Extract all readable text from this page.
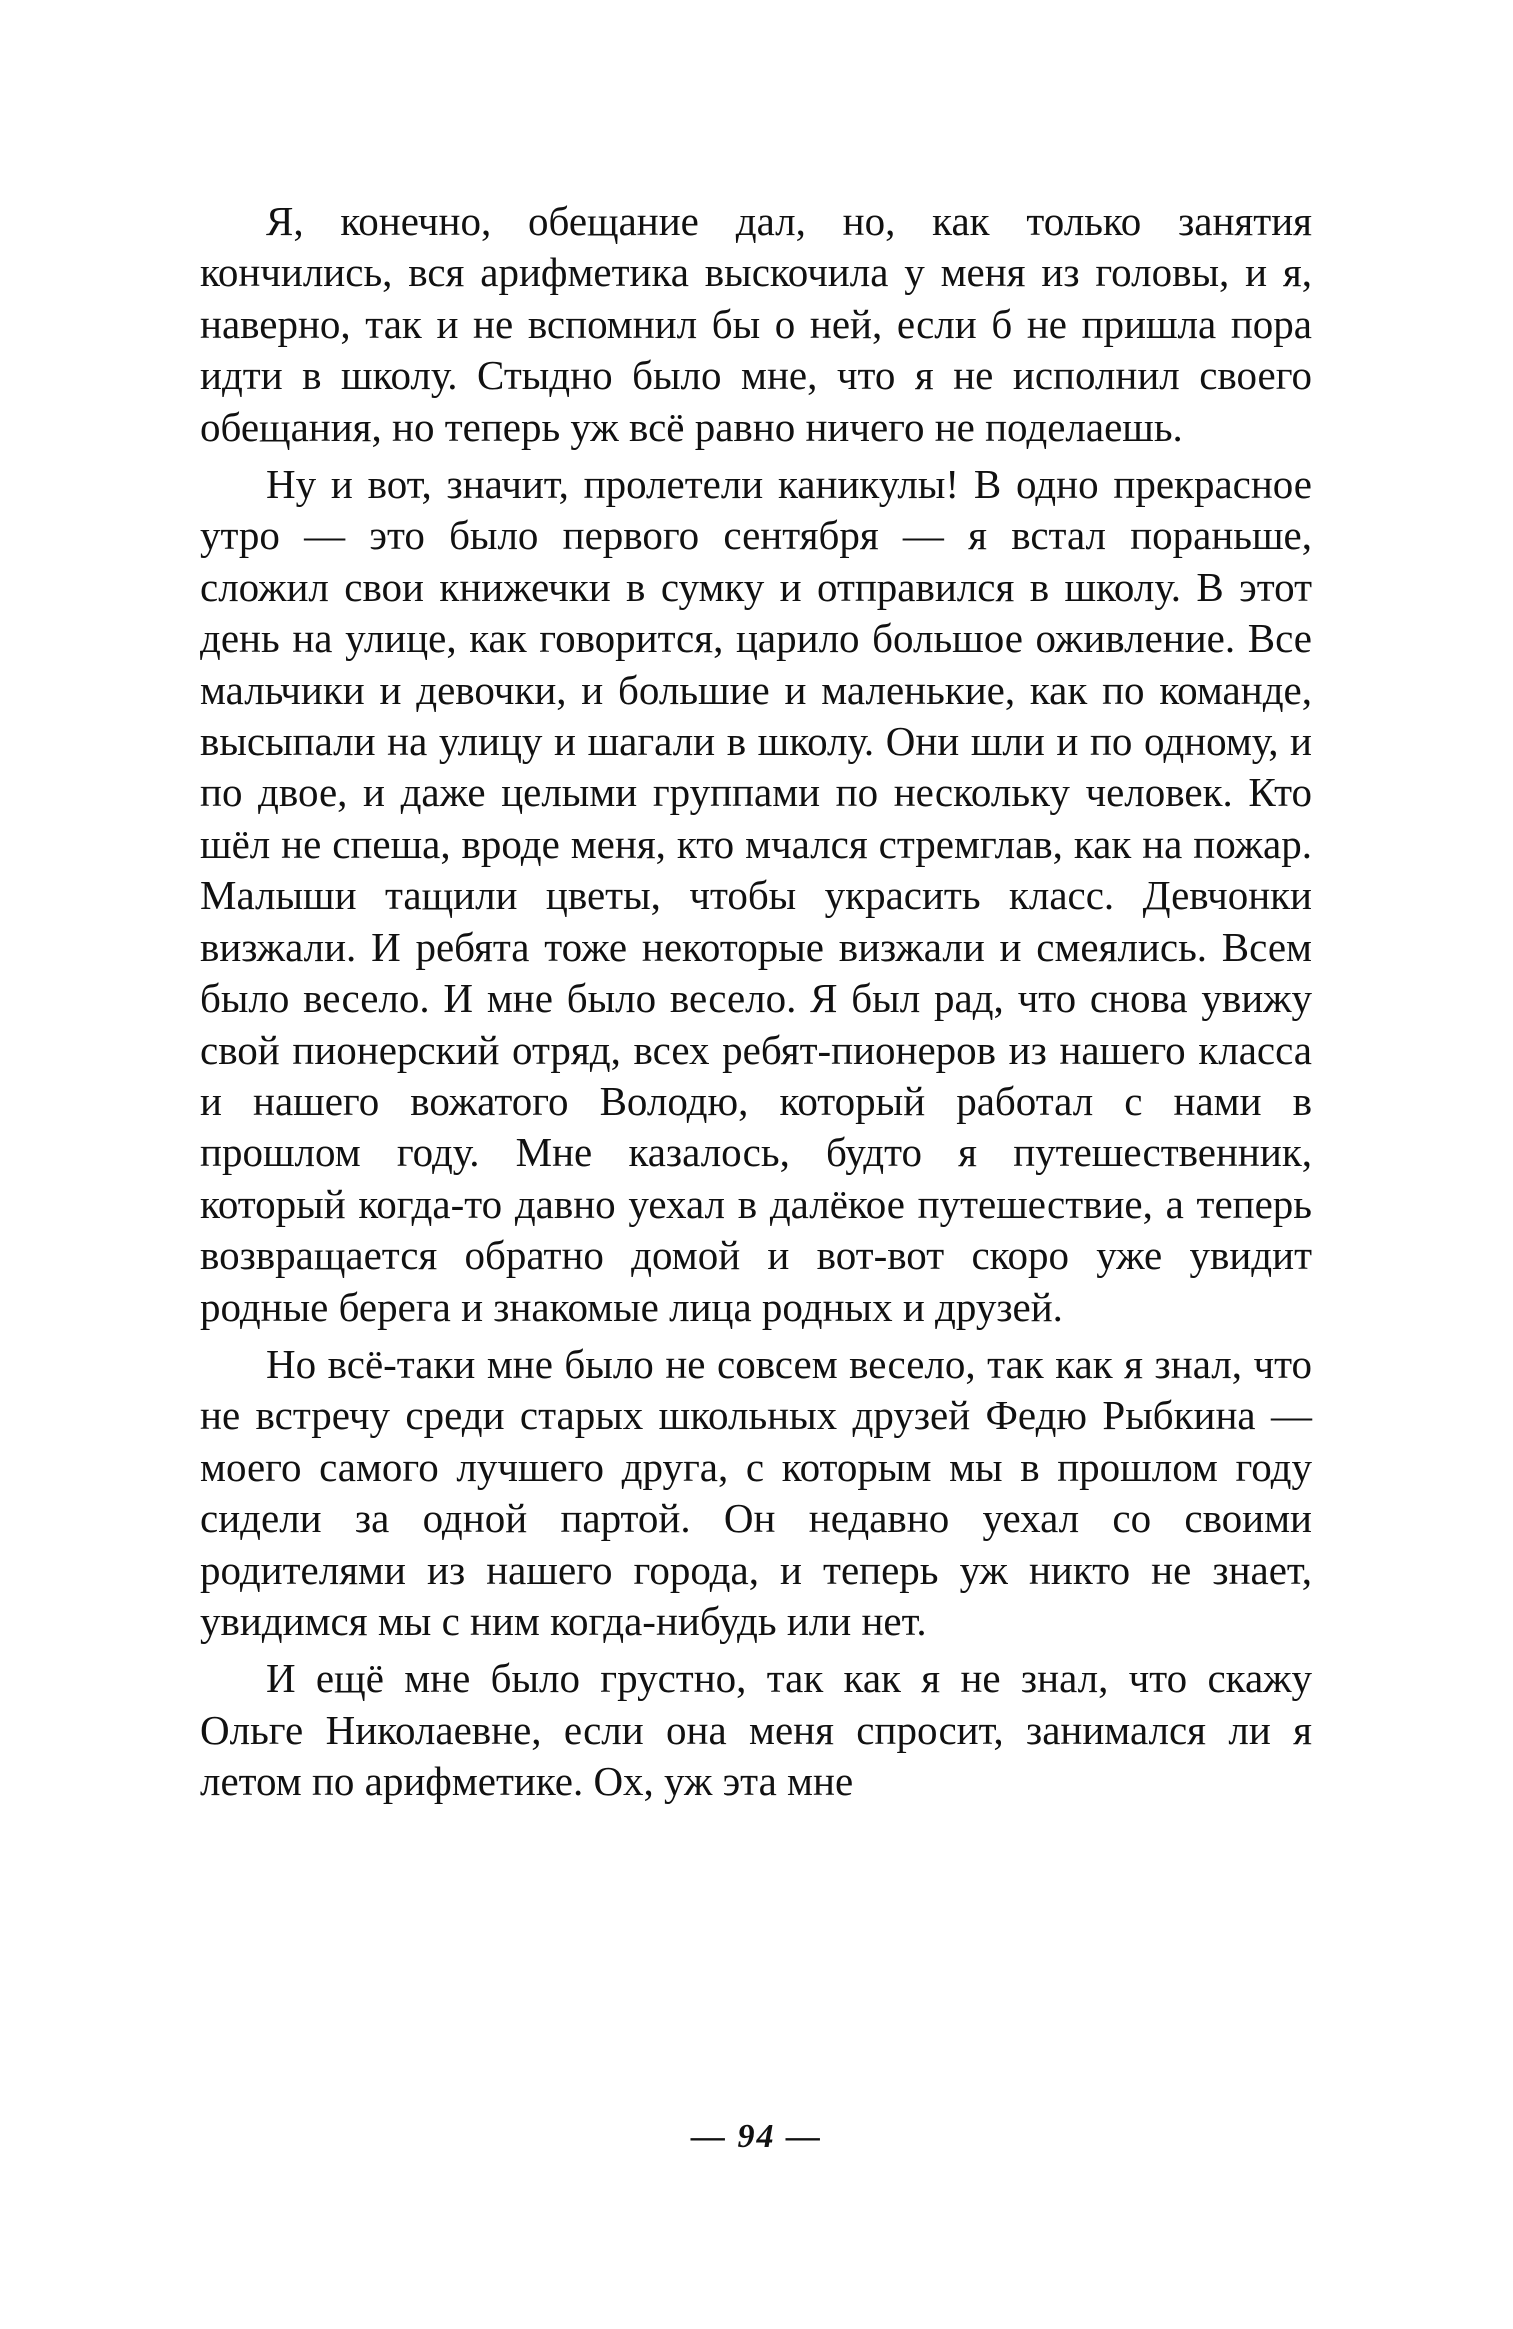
Я, конечно, обещание дал, но, как только занятия кончились, вся арифметика выскочила у меня из головы, и я, наверно, так и не вспомнил бы о ней, если б не пришла пора идти в школу. Стыдно было мне, что я не исполнил своего обещания, но теперь уж всё равно ничего не поделаешь.

Ну и вот, значит, пролетели каникулы! В одно прекрасное утро — это было первого сентября — я встал пораньше, сложил свои книжечки в сумку и отправился в школу. В этот день на улице, как говорится, царило большое оживление. Все мальчики и девочки, и большие и маленькие, как по команде, высыпали на улицу и шагали в школу. Они шли и по одному, и по двое, и даже целыми группами по нескольку человек. Кто шёл не спеша, вроде меня, кто мчался стремглав, как на пожар. Малыши тащили цветы, чтобы украсить класс. Девчонки визжали. И ребята тоже некоторые визжали и смеялись. Всем было весело. И мне было весело. Я был рад, что снова увижу свой пионерский отряд, всех ребят-пионеров из нашего класса и нашего вожатого Володю, который работал с нами в прошлом году. Мне казалось, будто я путешественник, который когда-то давно уехал в далёкое путешествие, а теперь возвращается обратно домой и вот-вот скоро уже увидит родные берега и знакомые лица родных и друзей.

Но всё-таки мне было не совсем весело, так как я знал, что не встречу среди старых школьных друзей Федю Рыбкина — моего самого лучшего друга, с которым мы в прошлом году сидели за одной партой. Он недавно уехал со своими родителями из нашего города, и теперь уж никто не знает, увидимся мы с ним когда-нибудь или нет.

И ещё мне было грустно, так как я не знал, что скажу Ольге Николаевне, если она меня спросит, занимался ли я летом по арифметике. Ох, уж эта мне

— 94 —
